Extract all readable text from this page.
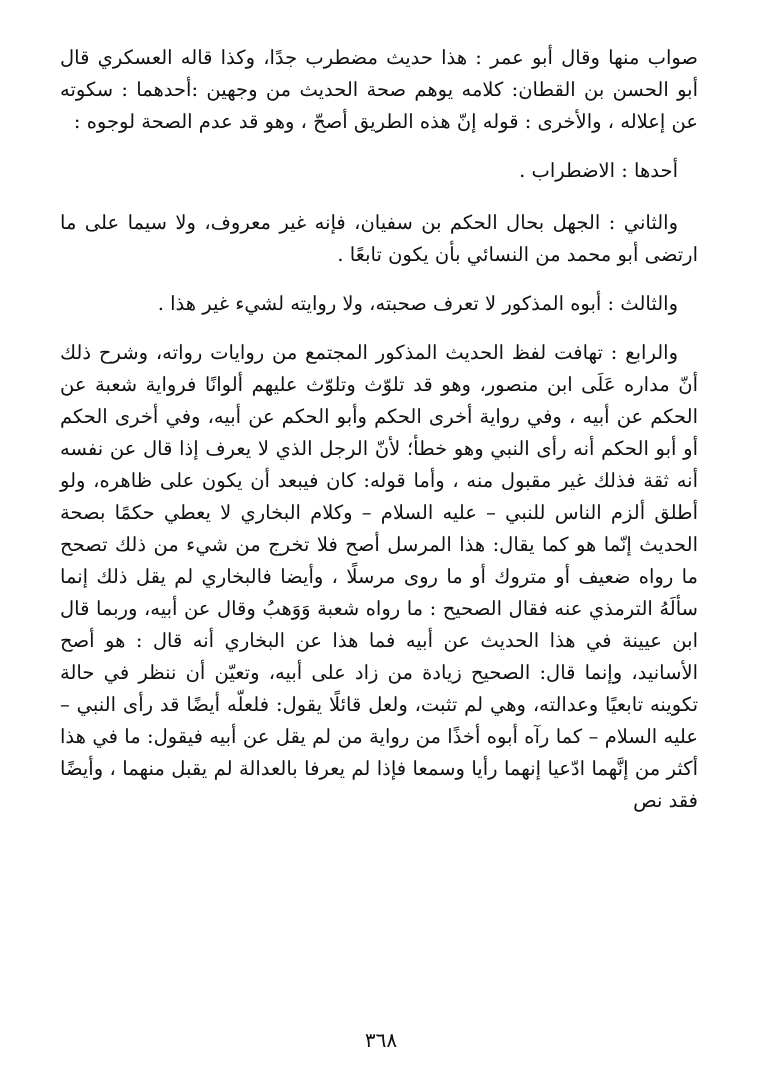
صواب منها وقال أبو عمر : هذا حديث مضطرب جدًا، وكذا قاله العسكري قال أبو الحسن بن القطان: كلامه يوهم صحة الحديث من وجهين :أحدهما : سكوته عن إعلاله ، والأخرى : قوله إنّ هذه الطريق أصحّ ، وهو قد عدم الصحة لوجوه :

أحدها : الاضطراب .

والثاني : الجهل بحال الحكم بن سفيان، فإنه غير معروف، ولا سيما على ما ارتضى أبو محمد من النسائي بأن يكون تابعًا .

والثالث : أبوه المذكور لا تعرف صحبته، ولا روايته لشيء غير هذا .

والرابع : تهافت لفظ الحديث المذكور المجتمع من روايات رواته، وشرح ذلك أنّ مداره عَلَى ابن منصور، وهو قد تلوّث وتلوّث عليهم ألوانًا فرواية شعبة عن الحكم عن أبيه ، وفي رواية أخرى الحكم وأبو الحكم عن أبيه، وفي أخرى الحكم أو أبو الحكم أنه رأى النبي وهو خطأ؛ لأنّ الرجل الذي لا يعرف إذا قال عن نفسه أنه ثقة فذلك غير مقبول منه ، وأما قوله: كان فيبعد أن يكون على ظاهره، ولو أطلق ألزم الناس للنبي – عليه السلام – وكلام البخاري لا يعطي حكمًا بصحة الحديث إنّما هو كما يقال: هذا المرسل أصح فلا تخرج من شيء من ذلك تصحح ما رواه ضعيف أو متروك أو ما روى مرسلًا ، وأيضا فالبخاري لم يقل ذلك إنما سألَهُ الترمذي عنه فقال الصحيح : ما رواه شعبة وَوَهبُ وقال عن أبيه، وربما قال ابن عيينة في هذا الحديث عن أبيه فما هذا عن البخاري أنه قال : هو أصح الأسانيد، وإنما قال: الصحيح زيادة من زاد على أبيه، وتعيّن أن ننظر في حالة تكوينه تابعيًا وعدالته، وهي لم تثبت، ولعل قائلًا يقول: فلعلّه أيضًا قد رأى النبي – عليه السلام – كما رآه أبوه أخذًا من رواية من لم يقل عن أبيه فيقول: ما في هذا أكثر من إنَّهما ادّعيا إنهما رأيا وسمعا فإذا لم يعرفا بالعدالة لم يقبل منهما ، وأيضًا فقد نص

٣٦٨
